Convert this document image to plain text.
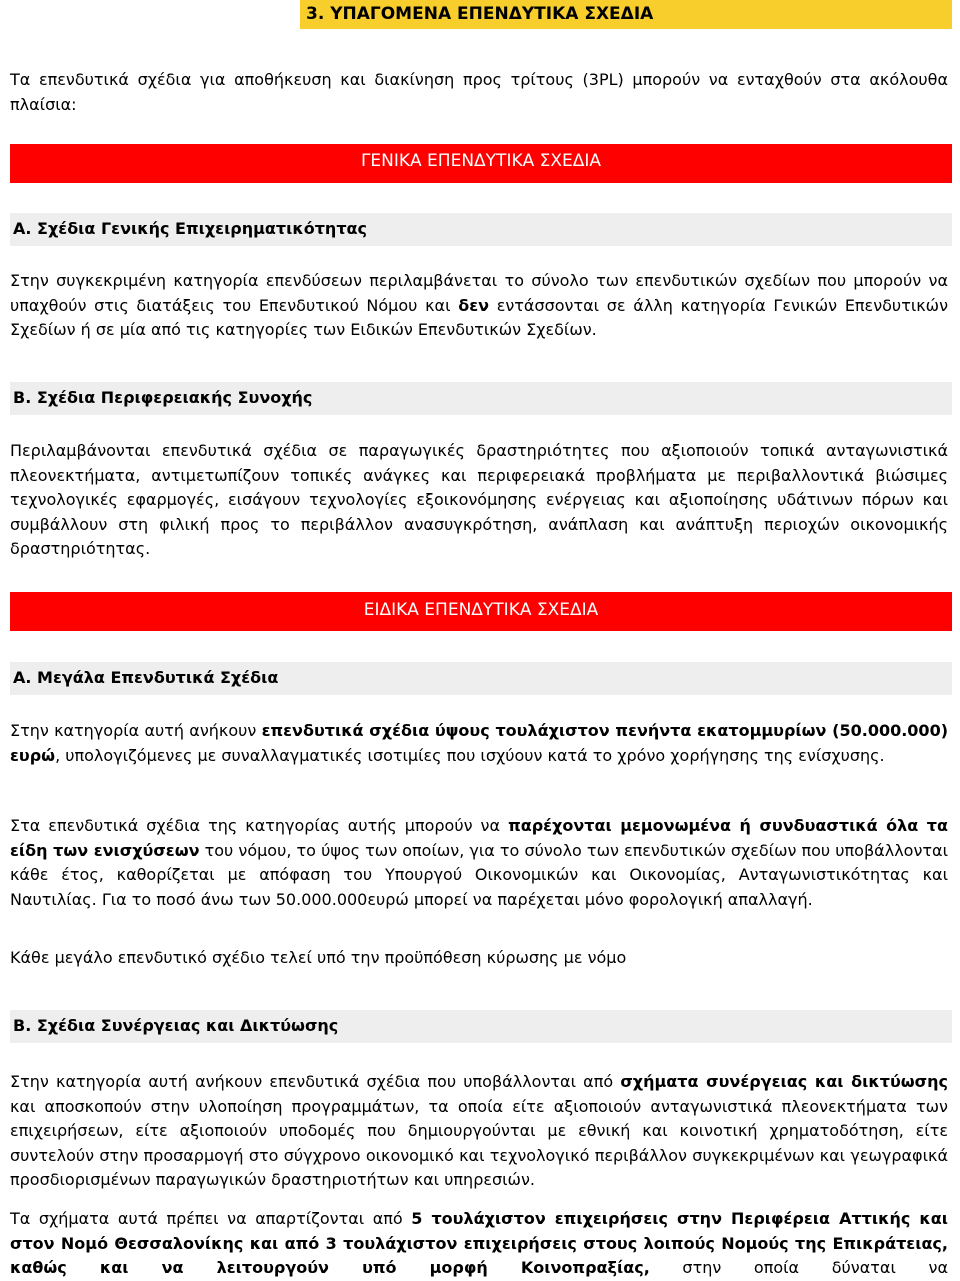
3. ΥΠΑΓΟΜΕΝΑ ΕΠΕΝΔΥΤΙΚΑ ΣΧΕΔΙΑ

Τα επενδυτικά σχέδια για αποθήκευση και διακίνηση προς τρίτους (3PL) μπορούν να ενταχθούν στα ακόλουθα πλαίσια:

ΓΕΝΙΚΑ ΕΠΕΝΔΥΤΙΚΑ ΣΧΕΔΙΑ
Α. Σχέδια Γενικής Επιχειρηματικότητας

Στην συγκεκριμένη κατηγορία επενδύσεων περιλαμβάνεται το σύνολο των επενδυτικών σχεδίων που μπορούν να υπαχθούν στις διατάξεις του Επενδυτικού Νόμου και δεν εντάσσονται σε άλλη κατηγορία Γενικών Επενδυτικών Σχεδίων ή σε μία από τις κατηγορίες των Ειδικών Επενδυτικών Σχεδίων.

Β. Σχέδια Περιφερειακής Συνοχής

Περιλαμβάνονται επενδυτικά σχέδια σε παραγωγικές δραστηριότητες που αξιοποιούν τοπικά ανταγωνιστικά πλεονεκτήματα, αντιμετωπίζουν τοπικές ανάγκες και περιφερειακά προβλήματα με περιβαλλοντικά βιώσιμες τεχνολογικές εφαρμογές, εισάγουν τεχνολογίες εξοικονόμησης ενέργειας και αξιοποίησης υδάτινων πόρων και συμβάλλουν στη φιλική προς το περιβάλλον ανασυγκρότηση, ανάπλαση και ανάπτυξη περιοχών οικονομικής δραστηριότητας.

ΕΙΔΙΚΑ ΕΠΕΝΔΥΤΙΚΑ ΣΧΕΔΙΑ
Α. Μεγάλα Επενδυτικά Σχέδια

Στην κατηγορία αυτή ανήκουν επενδυτικά σχέδια ύψους τουλάχιστον πενήντα εκατομμυρίων (50.000.000) ευρώ, υπολογιζόμενες με συναλλαγματικές ισοτιμίες που ισχύουν κατά το χρόνο χορήγησης της ενίσχυσης.

Στα επενδυτικά σχέδια της κατηγορίας αυτής μπορούν να παρέχονται μεμονωμένα ή συνδυαστικά όλα τα είδη των ενισχύσεων του νόμου, το ύψος των οποίων, για το σύνολο των επενδυτικών σχεδίων που υποβάλλονται κάθε έτος, καθορίζεται με απόφαση του Υπουργού Οικονομικών και Οικονομίας, Ανταγωνιστικότητας και Ναυτιλίας. Για το ποσό άνω των 50.000.000ευρώ μπορεί να παρέχεται μόνο φορολογική απαλλαγή.

Κάθε μεγάλο επενδυτικό σχέδιο τελεί υπό την προϋπόθεση κύρωσης με νόμο

Β. Σχέδια Συνέργειας και Δικτύωσης

Στην κατηγορία αυτή ανήκουν επενδυτικά σχέδια που υποβάλλονται από σχήματα συνέργειας και δικτύωσης και αποσκοπούν στην υλοποίηση προγραμμάτων, τα οποία είτε αξιοποιούν ανταγωνιστικά πλεονεκτήματα των επιχειρήσεων, είτε αξιοποιούν υποδομές που δημιουργούνται με εθνική και κοινοτική χρηματοδότηση, είτε συντελούν στην προσαρμογή στο σύγχρονο οικονομικό και τεχνολογικό περιβάλλον συγκεκριμένων και γεωγραφικά προσδιορισμένων παραγωγικών δραστηριοτήτων και υπηρεσιών.

Τα σχήματα αυτά πρέπει να απαρτίζονται από 5 τουλάχιστον επιχειρήσεις στην Περιφέρεια Αττικής και στον Νομό Θεσσαλονίκης και από 3 τουλάχιστον επιχειρήσεις στους λοιπούς Νομούς της Επικράτειας, καθώς και να λειτουργούν υπό μορφή Κοινοπραξίας, στην οποία δύναται να
